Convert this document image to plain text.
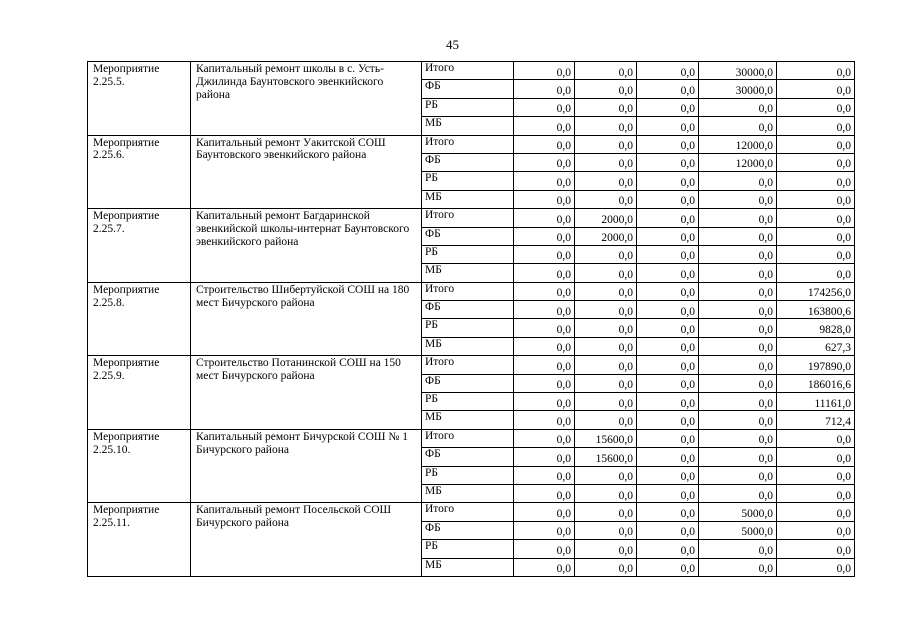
45
Мероприятие 2.25.5.	Капитальный ремонт школы в с. Усть-Джилинда Баунтовского эвенкийского района	Итого	0,0	0,0	0,0	30000,0	0,0
		ФБ	0,0	0,0	0,0	30000,0	0,0
		РБ	0,0	0,0	0,0	0,0	0,0
		МБ	0,0	0,0	0,0	0,0	0,0
Мероприятие 2.25.6.	Капитальный ремонт Уакитской СОШ Баунтовского эвенкийского района	Итого	0,0	0,0	0,0	12000,0	0,0
		ФБ	0,0	0,0	0,0	12000,0	0,0
		РБ	0,0	0,0	0,0	0,0	0,0
		МБ	0,0	0,0	0,0	0,0	0,0
Мероприятие 2.25.7.	Капитальный ремонт Багдаринской эвенкийской школы-интернат Баунтовского эвенкийского района	Итого	0,0	2000,0	0,0	0,0	0,0
		ФБ	0,0	2000,0	0,0	0,0	0,0
		РБ	0,0	0,0	0,0	0,0	0,0
		МБ	0,0	0,0	0,0	0,0	0,0
Мероприятие 2.25.8.	Строительство Шибертуйской СОШ на 180 мест Бичурского района	Итого	0,0	0,0	0,0	0,0	174256,0
		ФБ	0,0	0,0	0,0	0,0	163800,6
		РБ	0,0	0,0	0,0	0,0	9828,0
		МБ	0,0	0,0	0,0	0,0	627,3
Мероприятие 2.25.9.	Строительство Потанинской СОШ на 150 мест Бичурского района	Итого	0,0	0,0	0,0	0,0	197890,0
		ФБ	0,0	0,0	0,0	0,0	186016,6
		РБ	0,0	0,0	0,0	0,0	11161,0
		МБ	0,0	0,0	0,0	0,0	712,4
Мероприятие 2.25.10.	Капитальный ремонт Бичурской СОШ № 1 Бичурского района	Итого	0,0	15600,0	0,0	0,0	0,0
		ФБ	0,0	15600,0	0,0	0,0	0,0
		РБ	0,0	0,0	0,0	0,0	0,0
		МБ	0,0	0,0	0,0	0,0	0,0
Мероприятие 2.25.11.	Капитальный ремонт Посельской СОШ Бичурского района	Итого	0,0	0,0	0,0	5000,0	0,0
		ФБ	0,0	0,0	0,0	5000,0	0,0
		РБ	0,0	0,0	0,0	0,0	0,0
		МБ	0,0	0,0	0,0	0,0	0,0
